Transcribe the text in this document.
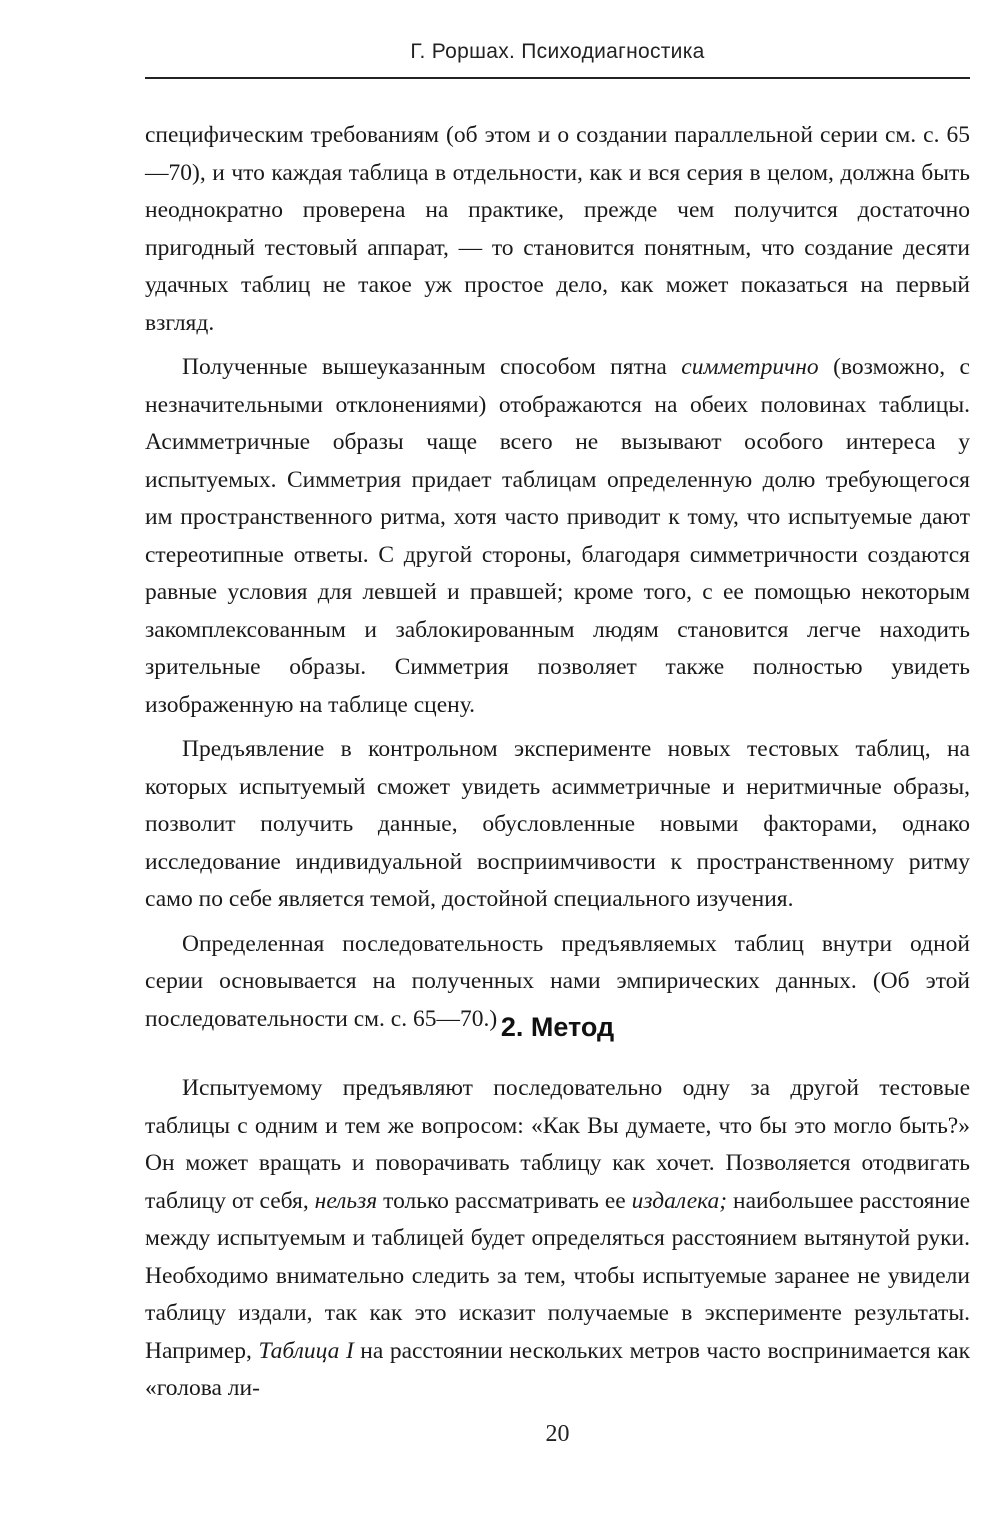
Г. Роршах. Психодиагностика

специфическим требованиям (об этом и о создании параллельной серии см. с. 65—70), и что каждая таблица в отдельности, как и вся серия в целом, должна быть неоднократно проверена на практике, прежде чем получится достаточно пригодный тестовый аппарат, — то становится понятным, что создание десяти удачных таблиц не такое уж простое дело, как может показаться на первый взгляд.

Полученные вышеуказанным способом пятна симметрично (возможно, с незначительными отклонениями) отображаются на обеих половинах таблицы. Асимметричные образы чаще всего не вызывают особого интереса у испытуемых. Симметрия придает таблицам определенную долю требующегося им пространственного ритма, хотя часто приводит к тому, что испытуемые дают стереотипные ответы. С другой стороны, благодаря симметричности создаются равные условия для левшей и правшей; кроме того, с ее помощью некоторым закомплексованным и заблокированным людям становится легче находить зрительные образы. Симметрия позволяет также полностью увидеть изображенную на таблице сцену.

Предъявление в контрольном эксперименте новых тестовых таблиц, на которых испытуемый сможет увидеть асимметричные и неритмичные образы, позволит получить данные, обусловленные новыми факторами, однако исследование индивидуальной восприимчивости к пространственному ритму само по себе является темой, достойной специального изучения.

Определенная последовательность предъявляемых таблиц внутри одной серии основывается на полученных нами эмпирических данных. (Об этой последовательности см. с. 65—70.) 2. Метод

Испытуемому предъявляют последовательно одну за другой тестовые таблицы с одним и тем же вопросом: «Как Вы думаете, что бы это могло быть?» Он может вращать и поворачивать таблицу как хочет. Позволяется отодвигать таблицу от себя, нельзя только рассматривать ее издалека; наибольшее расстояние между испытуемым и таблицей будет определяться расстоянием вытянутой руки. Необходимо внимательно следить за тем, чтобы испытуемые заранее не увидели таблицу издали, так как это исказит получаемые в эксперименте результаты. Например, Таблица I на расстоянии нескольких метров часто воспринимается как «голова ли-

20
